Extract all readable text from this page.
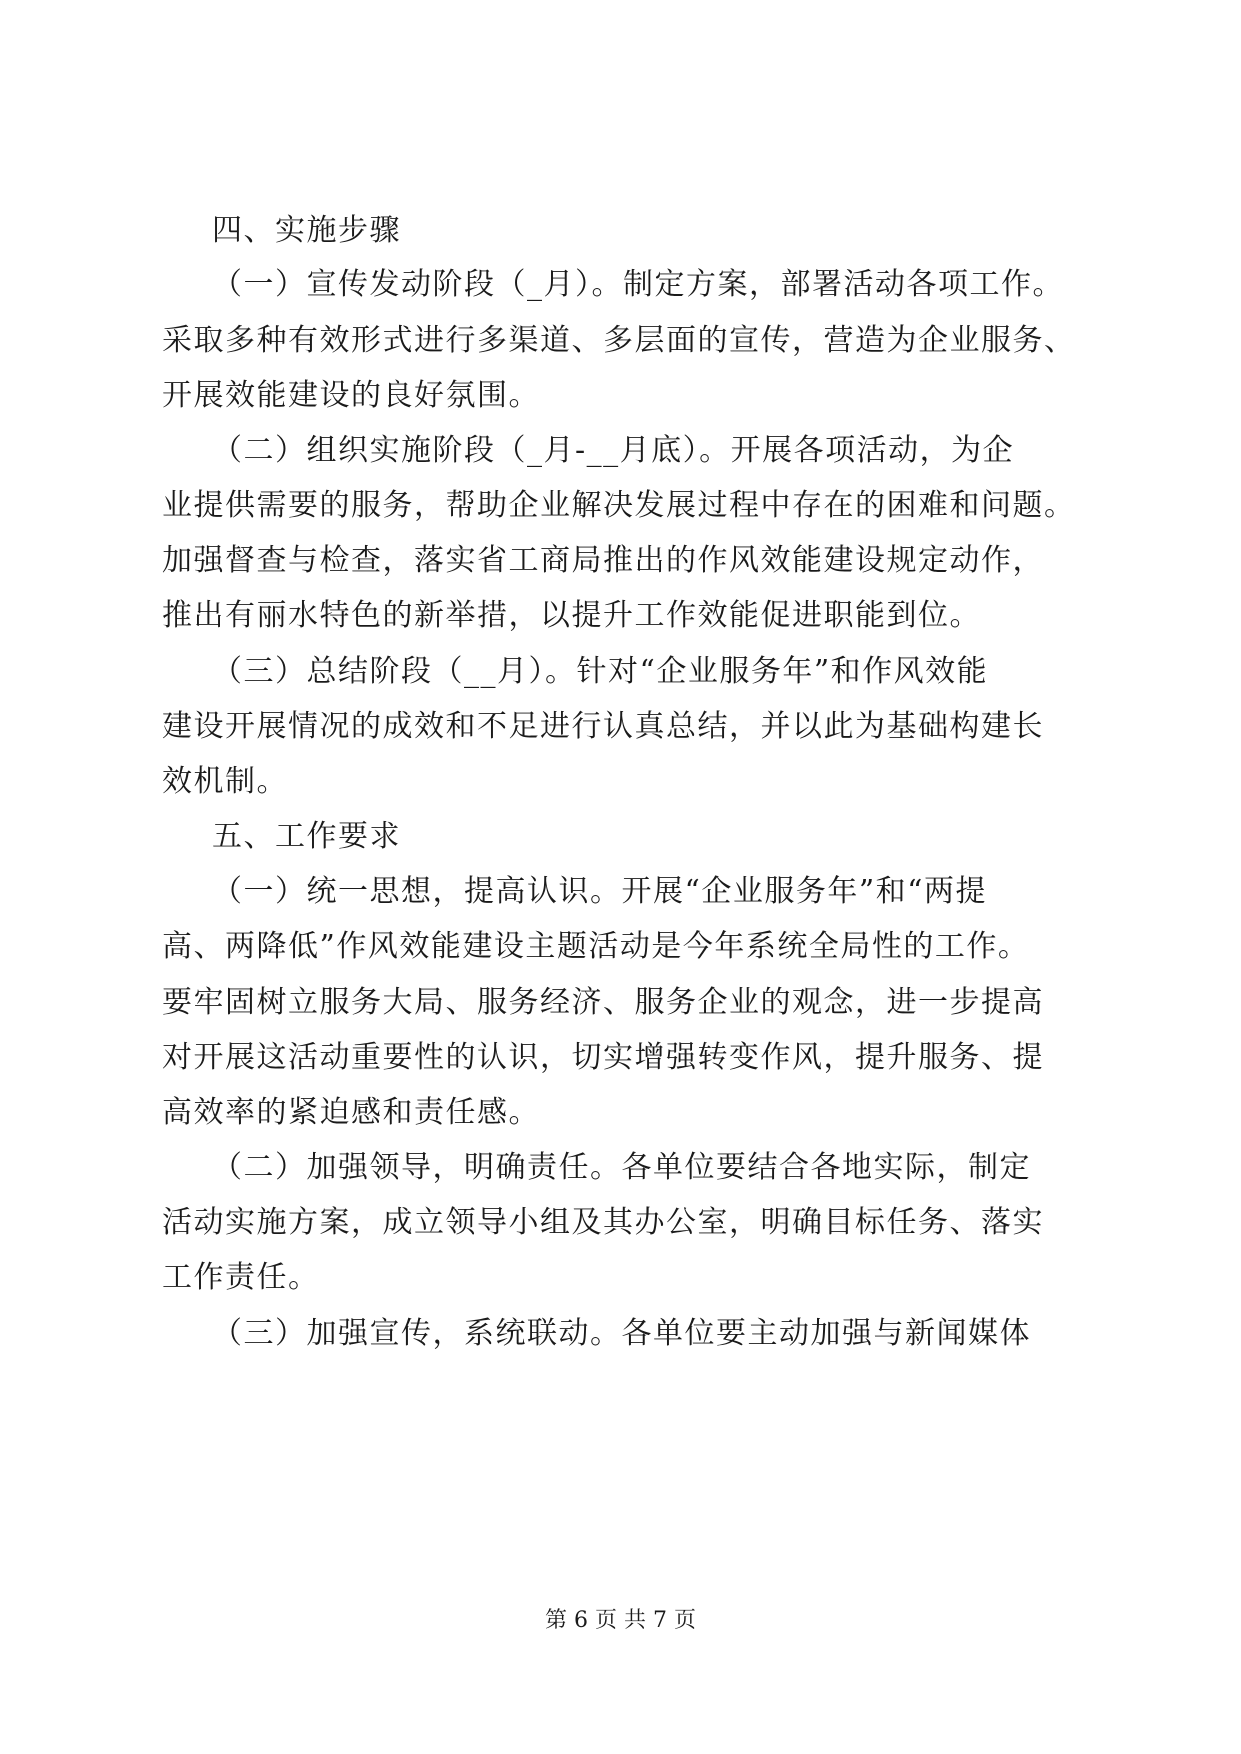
四、实施步骤
（一）宣传发动阶段（_月）。制定方案，部署活动各项工作。
采取多种有效形式进行多渠道、多层面的宣传，营造为企业服务、
开展效能建设的良好氛围。
（二）组织实施阶段（_月-__月底）。开展各项活动，为企
业提供需要的服务，帮助企业解决发展过程中存在的困难和问题。
加强督查与检查，落实省工商局推出的作风效能建设规定动作，
推出有丽水特色的新举措，以提升工作效能促进职能到位。
（三）总结阶段（__月）。针对“企业服务年”和作风效能
建设开展情况的成效和不足进行认真总结，并以此为基础构建长
效机制。
五、工作要求
（一）统一思想，提高认识。开展“企业服务年”和“两提
高、两降低”作风效能建设主题活动是今年系统全局性的工作。
要牢固树立服务大局、服务经济、服务企业的观念，进一步提高
对开展这活动重要性的认识，切实增强转变作风，提升服务、提
高效率的紧迫感和责任感。
（二）加强领导，明确责任。各单位要结合各地实际，制定
活动实施方案，成立领导小组及其办公室，明确目标任务、落实
工作责任。
（三）加强宣传，系统联动。各单位要主动加强与新闻媒体
第 6 页 共 7 页
